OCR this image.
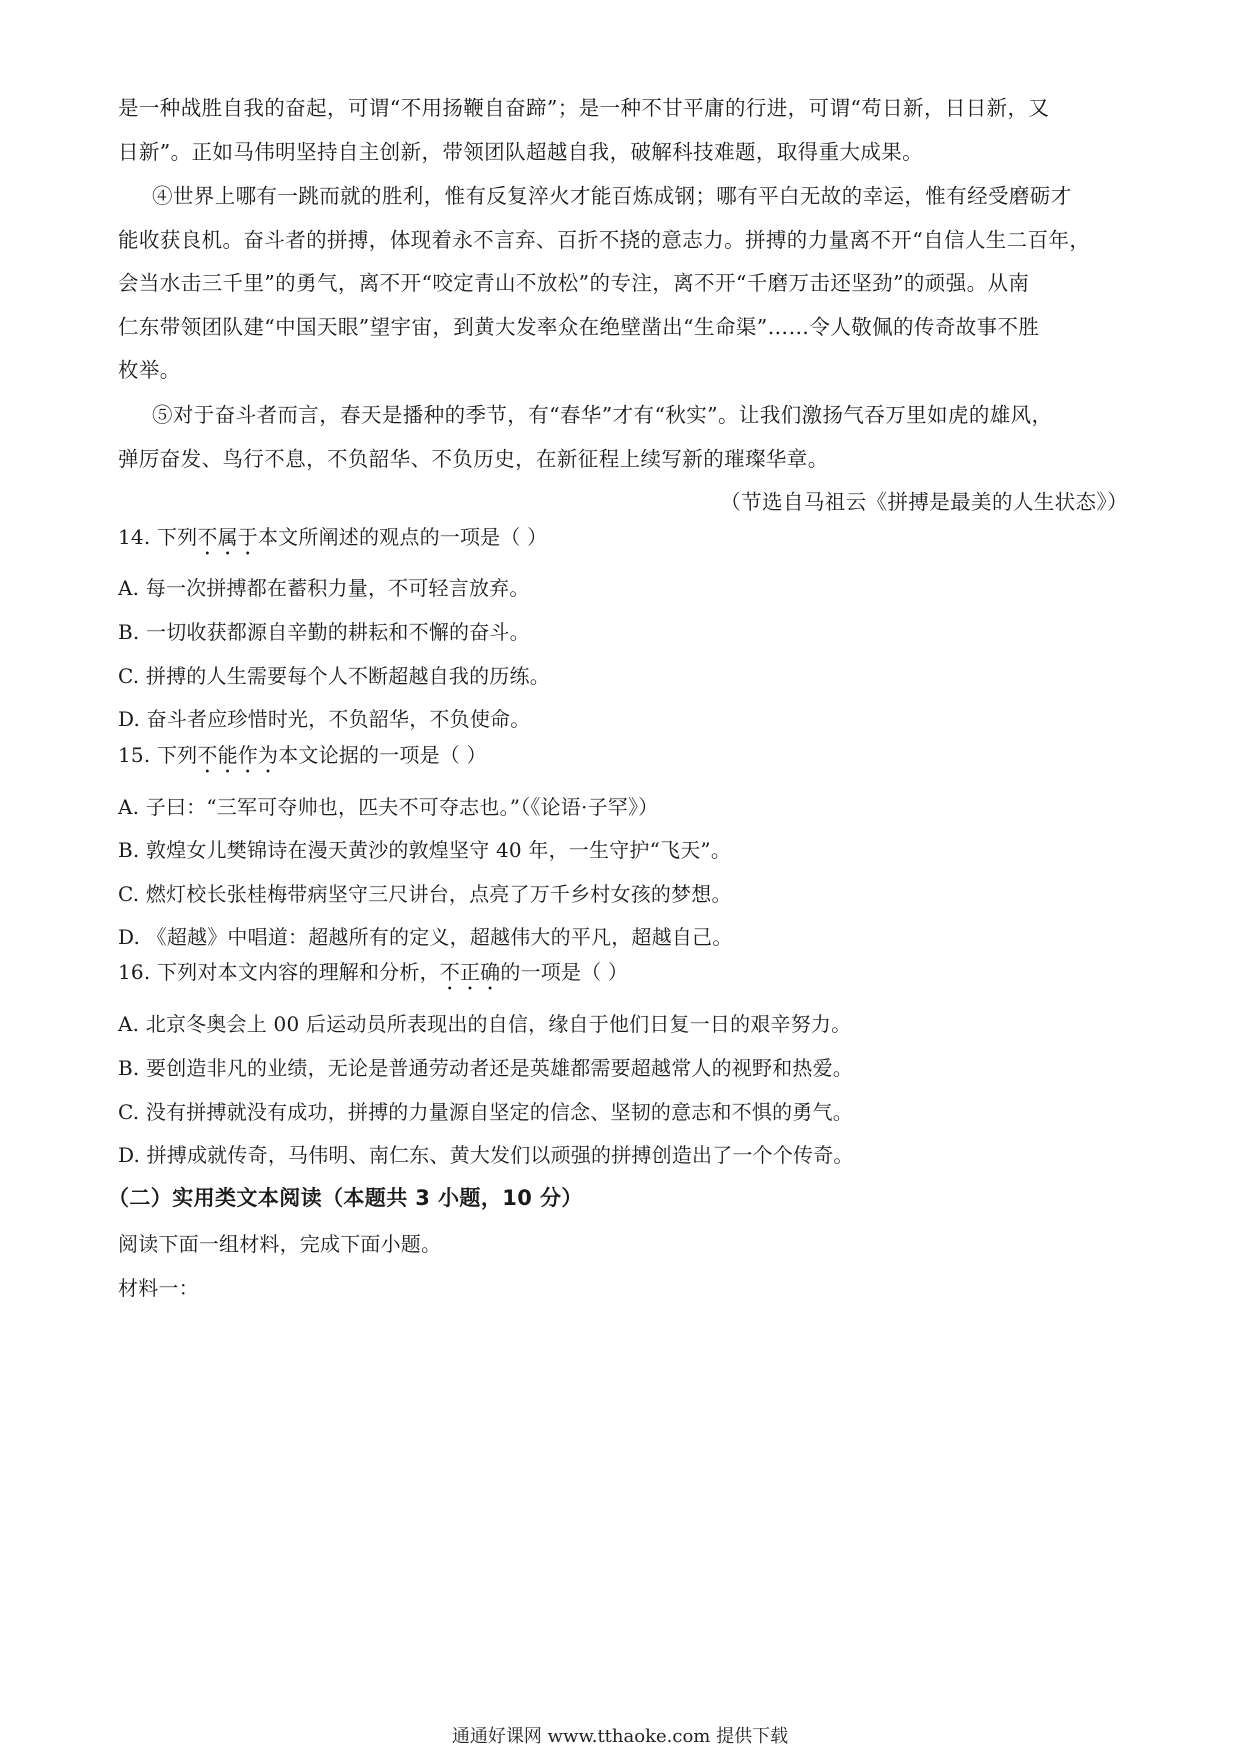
是一种战胜自我的奋起，可谓“不用扬鞭自奋蹄”；是一种不甘平庸的行进，可谓“苟日新，日日新，又
日新”。正如马伟明坚持自主创新，带领团队超越自我，破解科技难题，取得重大成果。
④世界上哪有一跳而就的胜利，惟有反复淬火才能百炼成钢；哪有平白无故的幸运，惟有经受磨砺才
能收获良机。奋斗者的拼搏，体现着永不言弃、百折不挠的意志力。拼搏的力量离不开“自信人生二百年，
会当水击三千里”的勇气，离不开“咬定青山不放松”的专注，离不开“千磨万击还坚劲”的顽强。从南
仁东带领团队建“中国天眼”望宇宙，到黄大发率众在绝壁凿出“生命渠”……令人敬佩的传奇故事不胜
枚举。
⑤对于奋斗者而言，春天是播种的季节，有“春华”才有“秋实”。让我们激扬气吞万里如虎的雄风，
弹厉奋发、鸟行不息，不负韶华、不负历史，在新征程上续写新的璀璨华章。
（节选自马祖云《拼搏是最美的人生状态》）
14. 下列不属于本文所阐述的观点的一项是（ ）
A. 每一次拼搏都在蓄积力量，不可轻言放弃。
B. 一切收获都源自辛勤的耕耘和不懈的奋斗。
C. 拼搏的人生需要每个人不断超越自我的历练。
D. 奋斗者应珍惜时光，不负韶华，不负使命。
15. 下列不能作为本文论据的一项是（ ）
A. 子曰：“三军可夺帅也，匹夫不可夺志也。”（《论语·子罕》）
B. 敦煌女儿樊锦诗在漫天黄沙的敦煌坚守 40 年，一生守护“飞天”。
C. 燃灯校长张桂梅带病坚守三尺讲台，点亮了万千乡村女孩的梦想。
D. 《超越》中唱道：超越所有的定义，超越伟大的平凡，超越自己。
16. 下列对本文内容的理解和分析，不正确的一项是（ ）
A. 北京冬奥会上 00 后运动员所表现出的自信，缘自于他们日复一日的艰辛努力。
B. 要创造非凡的业绩，无论是普通劳动者还是英雄都需要超越常人的视野和热爱。
C. 没有拼搏就没有成功，拼搏的力量源自坚定的信念、坚韧的意志和不惧的勇气。
D. 拼搏成就传奇，马伟明、南仁东、黄大发们以顽强的拼搏创造出了一个个传奇。
（二）实用类文本阅读（本题共 3 小题，10 分）
阅读下面一组材料，完成下面小题。
材料一：
通通好课网 www.tthaoke.com 提供下载
